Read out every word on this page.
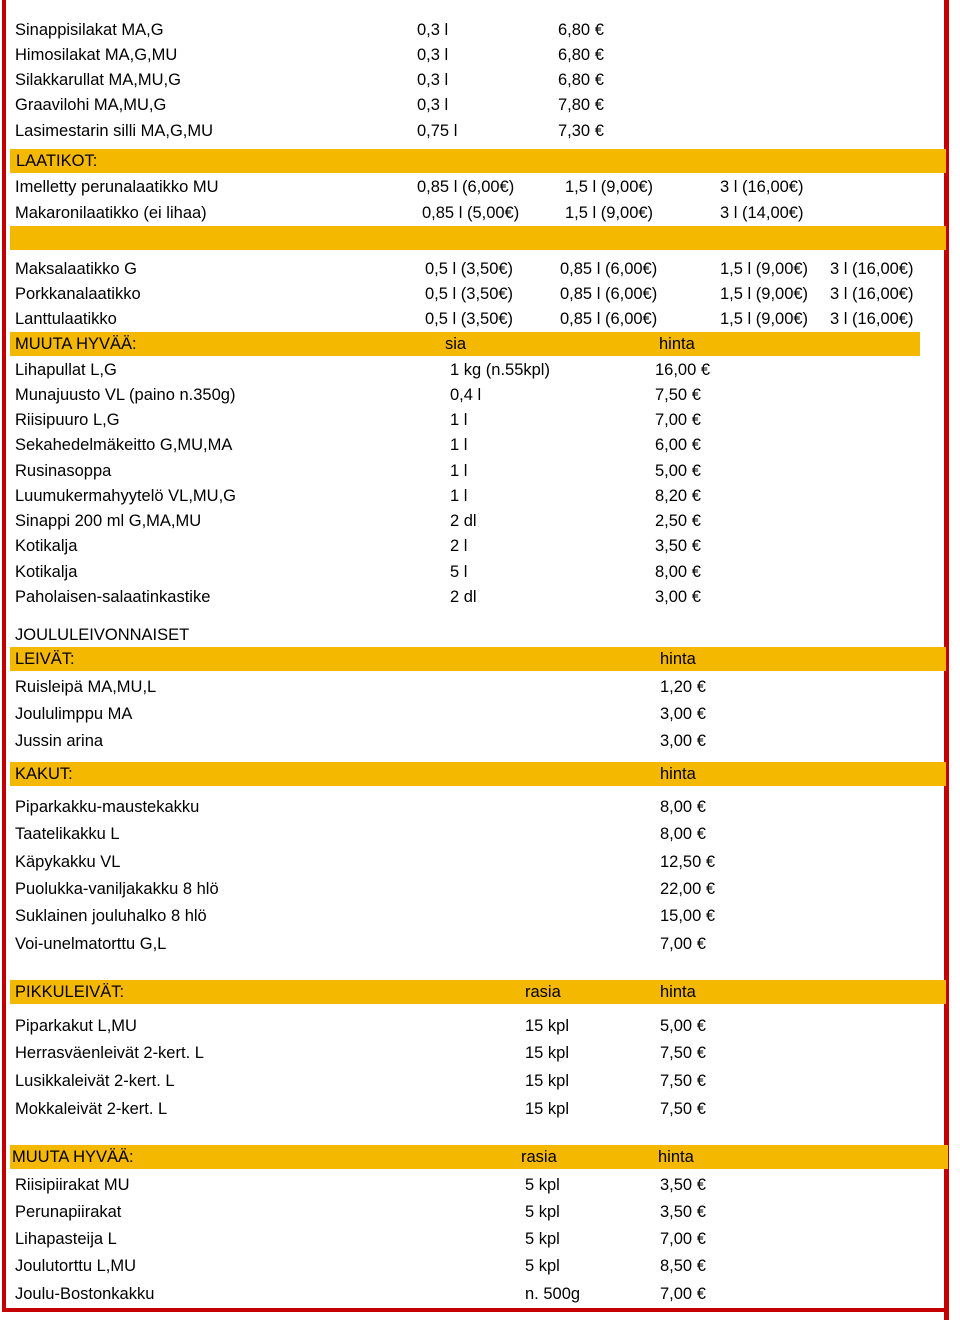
Sinappisilakat MA,G	0,3 l	6,80 €
Himosilakat MA,G,MU	0,3 l	6,80 €
Silakkarullat MA,MU,G	0,3 l	6,80 €
Graavilohi MA,MU,G	0,3 l	7,80 €
Lasimestarin silli MA,G,MU	0,75 l	7,30 €
LAATIKOT:
Imelletty perunalaatikko MU	0,85 l (6,00€)	1,5 l (9,00€)	3 l (16,00€)
Makaronilaatikko (ei lihaa)	0,85 l (5,00€)	1,5 l (9,00€)	3 l (14,00€)
Maksalaatikko G	0,5 l (3,50€)	0,85 l (6,00€)	1,5 l (9,00€) 3 l (16,00€)
Porkkanalaatikko	0,5 l (3,50€)	0,85 l (6,00€)	1,5 l (9,00€) 3 l (16,00€)
Lanttulaatikko	0,5 l (3,50€)	0,85 l (6,00€)	1,5 l (9,00€) 3 l (16,00€)
MUUTA HYVÄÄ:	sia	hinta
Lihapullat L,G	1 kg (n.55kpl)	16,00 €
Munajuusto VL (paino n.350g)	0,4 l	7,50 €
Riisipuuro L,G	1 l	7,00 €
Sekahedelmäkeitto G,MU,MA	1 l	6,00 €
Rusinasoppa	1 l	5,00 €
Luumukermahyytelö VL,MU,G	1 l	8,20 €
Sinappi 200 ml G,MA,MU	2 dl	2,50 €
Kotikalja	2 l	3,50 €
Kotikalja	5 l	8,00 €
Paholaisen-salaatinkastike	2 dl	3,00 €
JOULULEIVONNAISET
LEIVÄT:	hinta
Ruisleipä MA,MU,L	1,20 €
Joululimppu MA	3,00 €
Jussin arina	3,00 €
KAKUT:	hinta
Piparkakku-maustekakku	8,00 €
Taatelikakku L	8,00 €
Käpykakku VL	12,50 €
Puolukka-vaniljakakku 8 hlö	22,00 €
Suklainen jouluhalko 8 hlö	15,00 €
Voi-unelmatorttu G,L	7,00 €
PIKKULEIVÄT:	rasia	hinta
Piparkakut L,MU	15 kpl	5,00 €
Herrasväenleivät 2-kert. L	15 kpl	7,50 €
Lusikkaleivät 2-kert. L	15 kpl	7,50 €
Mokkaleivät 2-kert. L	15 kpl	7,50 €
MUUTA HYVÄÄ:	rasia	hinta
Riisipiirakat MU	5 kpl	3,50 €
Perunapiirakat	5 kpl	3,50 €
Lihapasteija L	5 kpl	7,00 €
Joulutorttu L,MU	5 kpl	8,50 €
Joulu-Bostonkakku	n. 500g	7,00 €
